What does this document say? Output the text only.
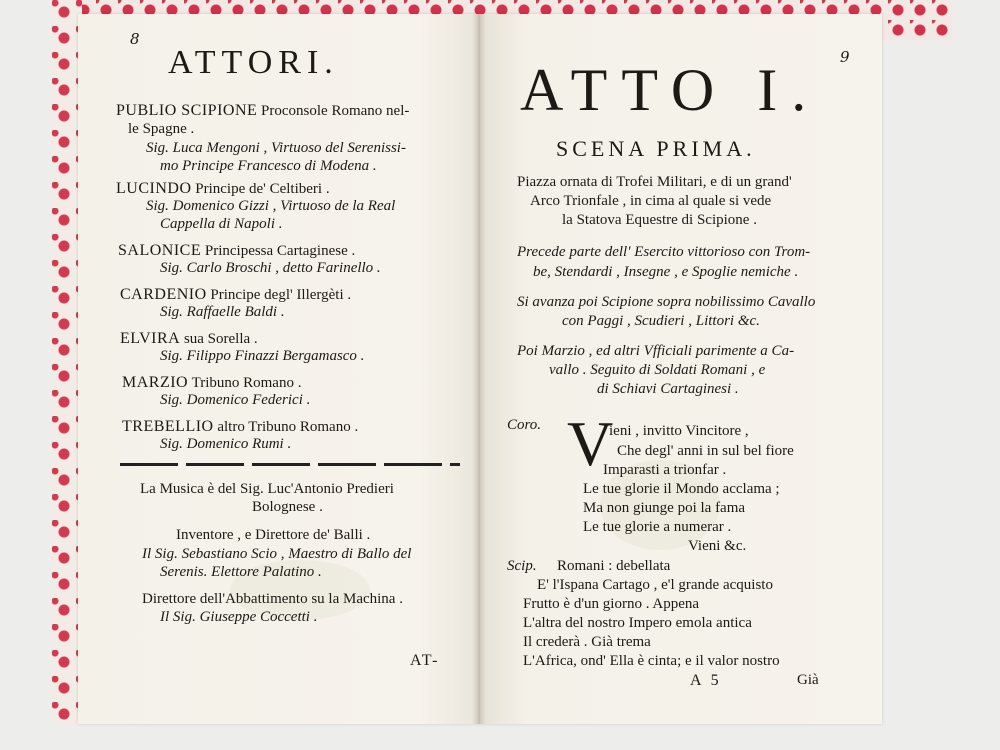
8
ATTORI.
PUBLIO SCIPIONE Proconsole Romano nel-
le Spagne .
Sig. Luca Mengoni , Virtuoso del Serenissi-
mo Principe Francesco di Modena .
LUCINDO Principe de' Celtiberi .
Sig. Domenico Gizzi , Virtuoso de la Real
Cappella di Napoli .
SALONICE Principessa Cartaginese .
Sig. Carlo Broschi , detto Farinello .
CARDENIO Principe degl' Illergèti .
Sig. Raffaelle Baldi .
ELVIRA sua Sorella .
Sig. Filippo Finazzi Bergamasco .
MARZIO Tribuno Romano .
Sig. Domenico Federici .
TREBELLIO altro Tribuno Romano .
Sig. Domenico Rumi .
La Musica è del Sig. Luc'Antonio Predieri
Bolognese .
Inventore , e Direttore de' Balli .
Il Sig. Sebastiano Scio , Maestro di Ballo del
Serenis. Elettore Palatino .
Direttore dell'Abbattimento su la Machina .
Il Sig. Giuseppe Coccetti .
AT-
9
ATTO I.
SCENA PRIMA.
Piazza ornata di Trofei Militari, e di un grand'
Arco Trionfale , in cima al quale si vede
la Statova Equestre di Scipione .
Precede parte dell' Esercito vittorioso con Trom-
be, Stendardi , Insegne , e Spoglie nemiche .
Si avanza poi Scipione sopra nobilissimo Cavallo
con Paggi , Scudieri , Littori &c.
Poi Marzio , ed altri Vfficiali parimente a Ca-
vallo . Seguito di Soldati Romani , e
di Schiavi Cartaginesi .
Coro. V
ieni , invitto Vincitore ,
Che degl' anni in sul bel fiore
Imparasti a trionfar .
Le tue glorie il Mondo acclama ;
Ma non giunge poi la fama
Le tue glorie a numerar .
Vieni &c.
Scip. Romani : debellata
E' l'Ispana Cartago , e'l grande acquisto
Frutto è d'un giorno . Appena
L'altra del nostro Impero emola antica
Il crederà . Già trema
L'Africa, ond' Ella è cinta; e il valor nostro
A 5	Già
